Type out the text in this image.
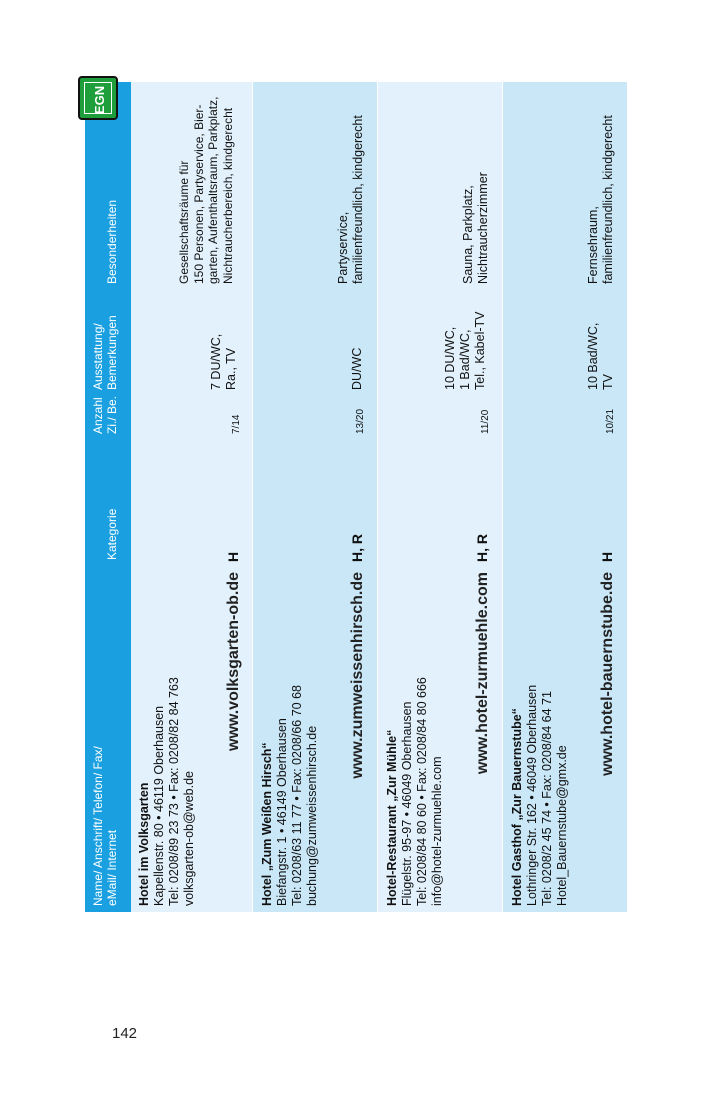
142
Name/ Anschrift/ Telefon/ Fax/ eMail/ Internet
Kategorie
Anzahl Zi./ Be.
Ausstattung/ Bemerkungen
Besonderheiten
Hotel im Volksgarten Kapellenstr. 80 • 46119 Oberhausen Tel: 0208/89 23 73 • Fax: 0208/82 84 763 volksgarten-ob@web.de
www.volksgarten-ob.de
H
7/14
7 DU/WC, Ra., TV
Gesellschaftsräume für 150 Personen, Partyservice, Bier- garten, Aufenthaltsraum, Parkplatz, Nichtraucherbereich, kindgerecht
Hotel „Zum Weißen Hirsch“ Biefangstr. 1 • 46149 Oberhausen Tel: 0208/63 11 77 • Fax: 0208/66 70 68 buchung@zumweissenhirsch.de
www.zumweissenhirsch.de
H, R
13/20
DU/WC
Partyservice, familienfreundlich, kindgerecht
Hotel-Restaurant „Zur Mühle“ Flügelstr. 95-97 • 46049 Oberhausen Tel: 0208/84 80 60 • Fax: 0208/84 80 666 info@hotel-zurmuehle.com
www.hotel-zurmuehle.com
H, R
11/20
10 DU/WC, 1 Bad/WC, Tel., Kabel-TV
Sauna, Parkplatz, Nichtraucherzimmer
Hotel Gasthof „Zur Bauernstube“ Lothringer Str. 162 • 46049 Oberhausen Tel: 0208/2 45 74 • Fax: 0208/84 64 71 Hotel_Bauernstube@gmx.de
www.hotel-bauernstube.de
H
10/21
10 Bad/WC, TV
Fernsehraum, familienfreundlich, kindgerecht
EGN
